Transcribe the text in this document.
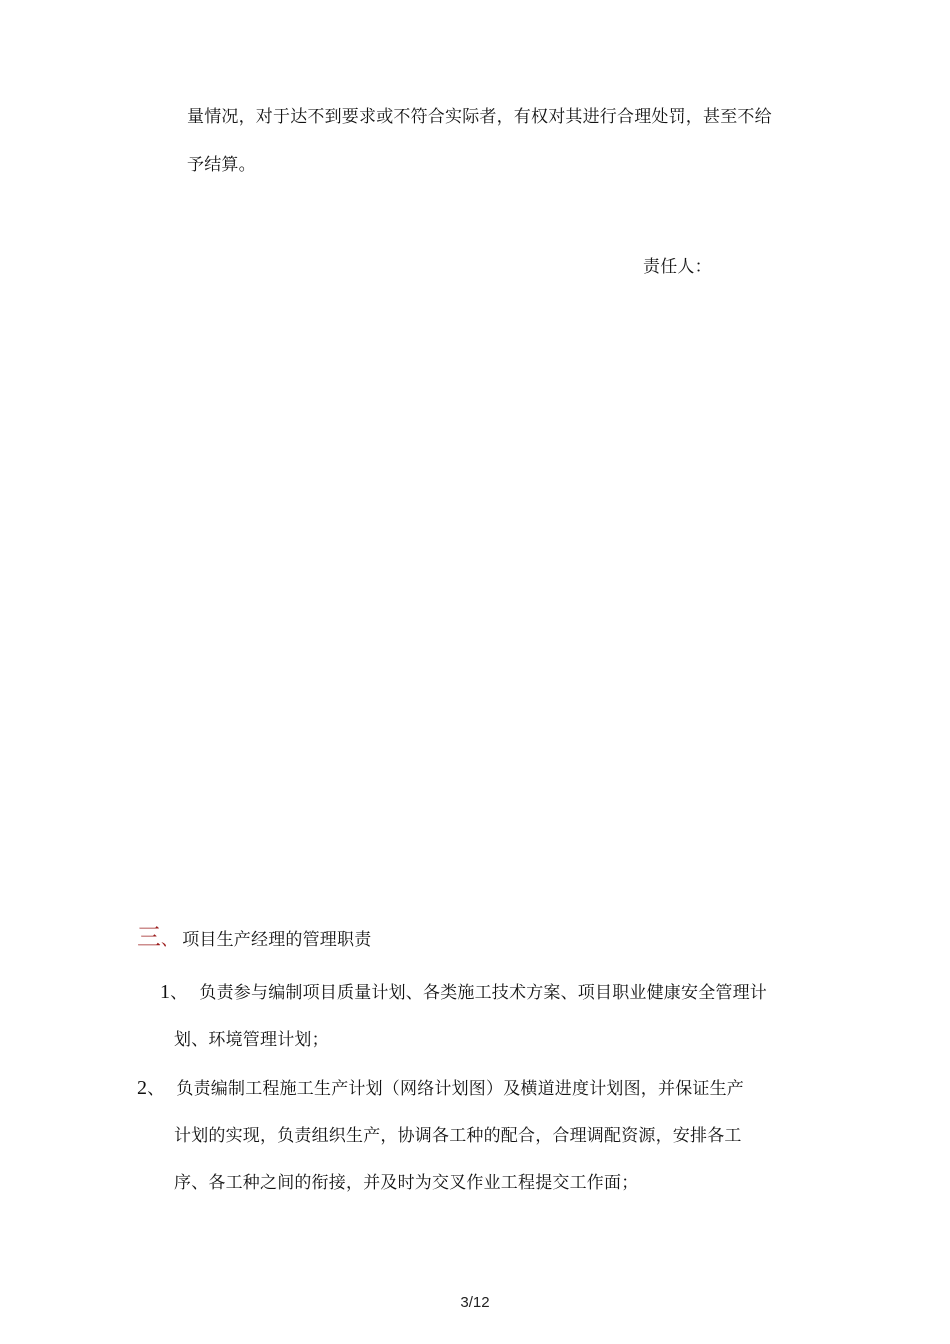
量情况，对于达不到要求或不符合实际者，有权对其进行合理处罚，甚至不给
予结算。
责任人：
三、 项目生产经理的管理职责
1、 负责参与编制项目质量计划、各类施工技术方案、项目职业健康安全管理计
划、环境管理计划；
2、 负责编制工程施工生产计划（网络计划图）及横道进度计划图，并保证生产
计划的实现，负责组织生产，协调各工种的配合，合理调配资源，安排各工
序、各工种之间的衔接，并及时为交叉作业工程提交工作面；
3/12
